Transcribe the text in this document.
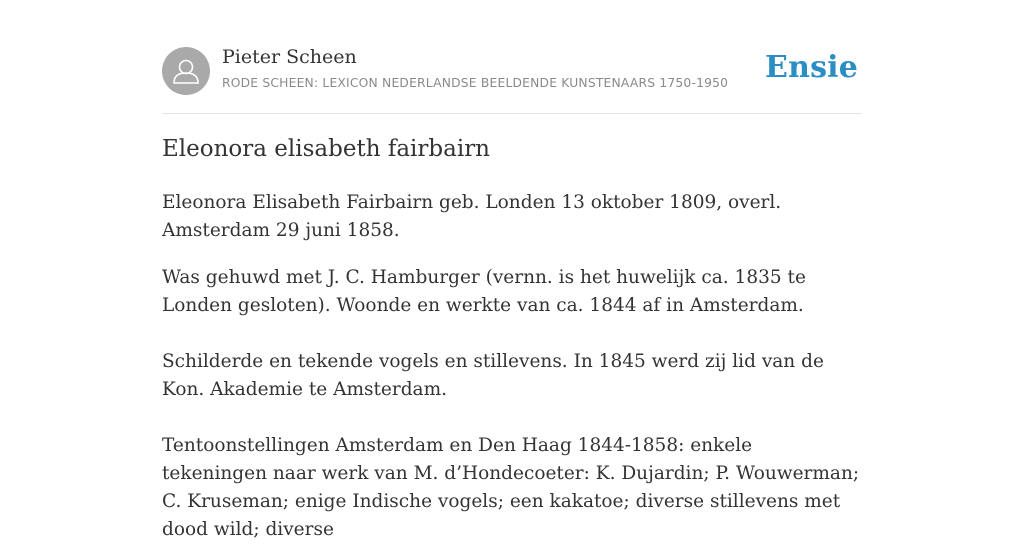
Pieter Scheen
RODE SCHEEN: LEXICON NEDERLANDSE BEELDENDE KUNSTENAARS 1750-1950 Ensie
Eleonora elisabeth fairbairn

Eleonora Elisabeth Fairbairn geb. Londen 13 oktober 1809, overl. Amsterdam 29 juni 1858.

Was gehuwd met J. C. Hamburger (vernn. is het huwelijk ca. 1835 te Londen gesloten). Woonde en werkte van ca. 1844 af in Amsterdam.

Schilderde en tekende vogels en stillevens. In 1845 werd zij lid van de Kon. Akademie te Amsterdam.

Tentoonstellingen Amsterdam en Den Haag 1844-1858: enkele tekeningen naar werk van M. d’Hondecoeter: K. Dujardin; P. Wouwerman; C. Kruseman; enige Indische vogels; een kakatoe; diverse stillevens met dood wild; diverse
